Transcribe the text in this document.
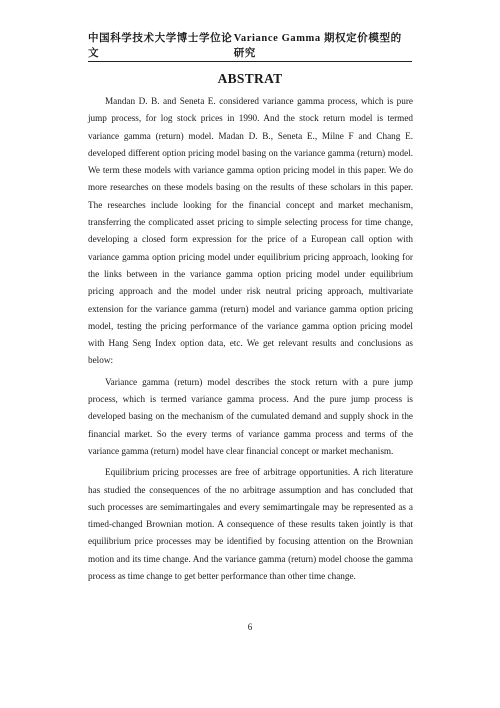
中国科学技术大学博士学位论文
Variance Gamma 期权定价模型的研究
ABSTRAT

Mandan D. B. and Seneta E. considered variance gamma process, which is pure jump process, for log stock prices in 1990. And the stock return model is termed variance gamma (return) model. Madan D. B., Seneta E., Milne F and Chang E. developed different option pricing model basing on the variance gamma (return) model. We term these models with variance gamma option pricing model in this paper. We do more researches on these models basing on the results of these scholars in this paper. The researches include looking for the financial concept and market mechanism, transferring the complicated asset pricing to simple selecting process for time change, developing a closed form expression for the price of a European call option with variance gamma option pricing model under equilibrium pricing approach, looking for the links between in the variance gamma option pricing model under equilibrium pricing approach and the model under risk neutral pricing approach, multivariate extension for the variance gamma (return) model and variance gamma option pricing model, testing the pricing performance of the variance gamma option pricing model with Hang Seng Index option data, etc. We get relevant results and conclusions as below:

Variance gamma (return) model describes the stock return with a pure jump process, which is termed variance gamma process. And the pure jump process is developed basing on the mechanism of the cumulated demand and supply shock in the financial market. So the every terms of variance gamma process and terms of the variance gamma (return) model have clear financial concept or market mechanism.

Equilibrium pricing processes are free of arbitrage opportunities. A rich literature has studied the consequences of the no arbitrage assumption and has concluded that such processes are semimartingales and every semimartingale may be represented as a timed-changed Brownian motion. A consequence of these results taken jointly is that equilibrium price processes may be identified by focusing attention on the Brownian motion and its time change. And the variance gamma (return) model choose the gamma process as time change to get better performance than other time change.

6
